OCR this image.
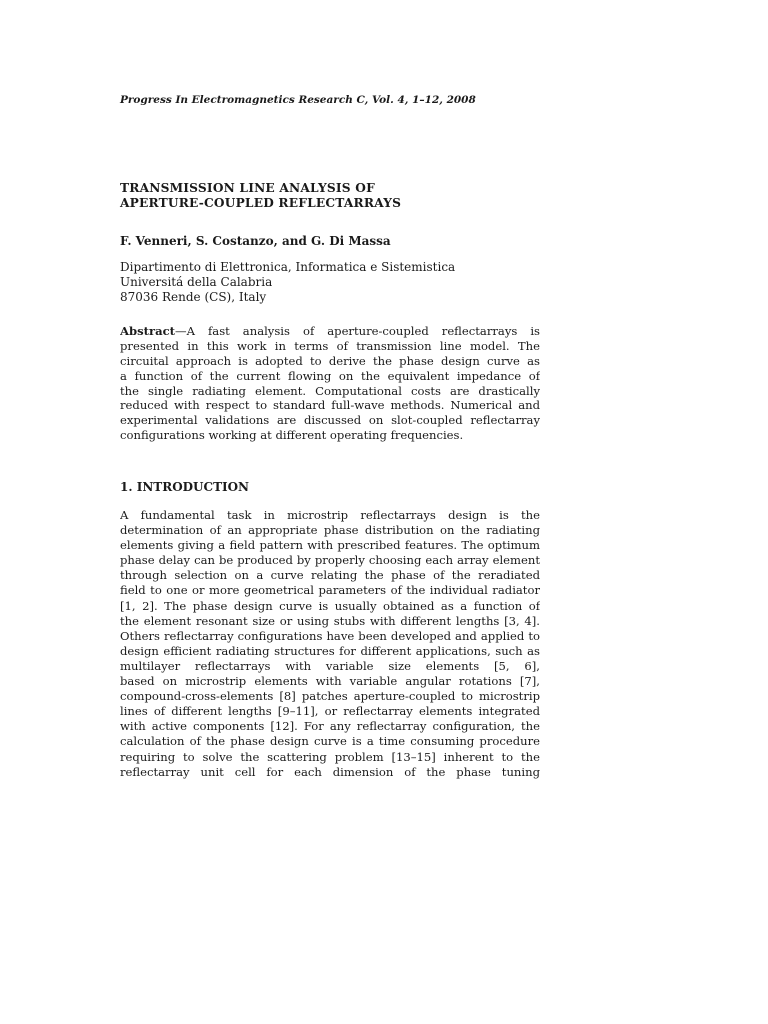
Progress In Electromagnetics Research C, Vol. 4, 1–12, 2008
TRANSMISSION LINE ANALYSIS OF
APERTURE-COUPLED REFLECTARRAYS
F. Venneri, S. Costanzo, and G. Di Massa
Dipartimento di Elettronica, Informatica e Sistemistica
Universitá della Calabria
87036 Rende (CS), Italy
Abstract—A fast analysis of aperture-coupled reflectarrays is
presented in this work in terms of transmission line model. The
circuital approach is adopted to derive the phase design curve as
a function of the current flowing on the equivalent impedance of
the single radiating element. Computational costs are drastically
reduced with respect to standard full-wave methods. Numerical and
experimental validations are discussed on slot-coupled reflectarray
configurations working at different operating frequencies.
1. INTRODUCTION
A fundamental task in microstrip reflectarrays design is the
determination of an appropriate phase distribution on the radiating
elements giving a field pattern with prescribed features. The optimum
phase delay can be produced by properly choosing each array element
through selection on a curve relating the phase of the reradiated
field to one or more geometrical parameters of the individual radiator
[1, 2]. The phase design curve is usually obtained as a function of
the element resonant size or using stubs with different lengths [3, 4].
Others reflectarray configurations have been developed and applied to
design efficient radiating structures for different applications, such as
multilayer reflectarrays with variable size elements [5, 6],
based on microstrip elements with variable angular rotations [7],
compound-cross-elements [8] patches aperture-coupled to microstrip
lines of different lengths [9–11], or reflectarray elements integrated
with active components [12]. For any reflectarray configuration, the
calculation of the phase design curve is a time consuming procedure
requiring to solve the scattering problem [13–15] inherent to the
reflectarray unit cell for each dimension of the phase tuning
